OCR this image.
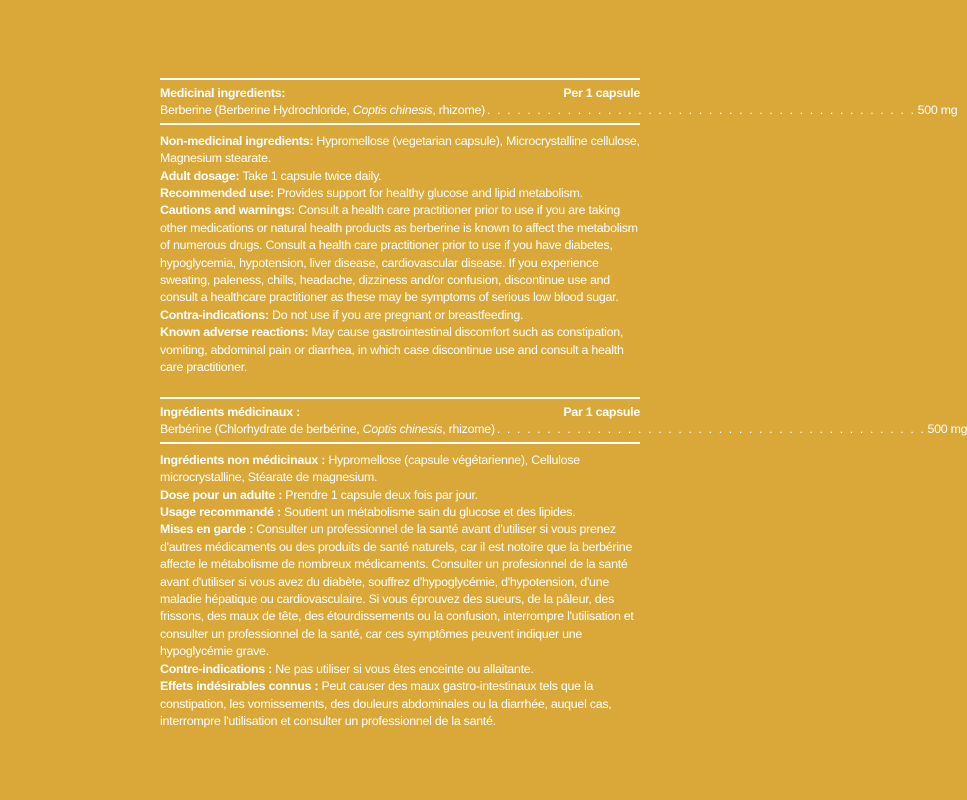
Medicinal ingredients:	Per 1 capsule
Berberine (Berberine Hydrochloride, Coptis chinesis, rhizome) . . . . . . . . . . . . . . . . . . . . . . . . . . . . . . . . . . . . . . . . . . . 500 mg

Non-medicinal ingredients: Hypromellose (vegetarian capsule), Microcrystalline cellulose, Magnesium stearate.

Adult dosage: Take 1 capsule twice daily.

Recommended use: Provides support for healthy glucose and lipid metabolism.

Cautions and warnings: Consult a health care practitioner prior to use if you are taking other medications or natural health products as berberine is known to affect the metabolism of numerous drugs. Consult a health care practitioner prior to use if you have diabetes, hypoglycemia, hypotension, liver disease, cardiovascular disease. If you experience sweating, paleness, chills, headache, dizziness and/or confusion, discontinue use and consult a healthcare practitioner as these may be symptoms of serious low blood sugar.

Contra-indications: Do not use if you are pregnant or breastfeeding.

Known adverse reactions: May cause gastrointestinal discomfort such as constipation, vomiting, abdominal pain or diarrhea, in which case discontinue use and consult a health care practitioner.

Ingrédients médicinaux :	Par 1 capsule
Berbérine (Chlorhydrate de berbérine, Coptis chinesis, rhizome) . . . . . . . . . . . . . . . . . . . . . . . . . . . . . . . . . . . . . . . . . . . 500 mg

Ingrédients non médicinaux : Hypromellose (capsule végétarienne), Cellulose microcrystalline, Stéarate de magnesium.

Dose pour un adulte : Prendre 1 capsule deux fois par jour.

Usage recommandé : Soutient un métabolisme sain du glucose et des lipides.

Mises en garde : Consulter un professionnel de la santé avant d'utiliser si vous prenez d'autres médicaments ou des produits de santé naturels, car il est notoire que la berbérine affecte le métabolisme de nombreux médicaments. Consulter un profesionnel de la santé avant d'utiliser si vous avez du diabète, souffrez d'hypoglycémie, d'hypotension, d'une maladie hépatique ou cardiovasculaire. Si vous éprouvez des sueurs, de la pâleur, des frissons, des maux de tête, des étourdissements ou la confusion, interrompre l'utilisation et consulter un professionnel de la santé, car ces symptômes peuvent indiquer une hypoglycémie grave.

Contre-indications : Ne pas utiliser si vous êtes enceinte ou allaitante.

Effets indésirables connus : Peut causer des maux gastro-intestinaux tels que la constipation, les vomissements, des douleurs abdominales ou la diarrhée, auquel cas, interrompre l'utilisation et consulter un professionnel de la santé.
